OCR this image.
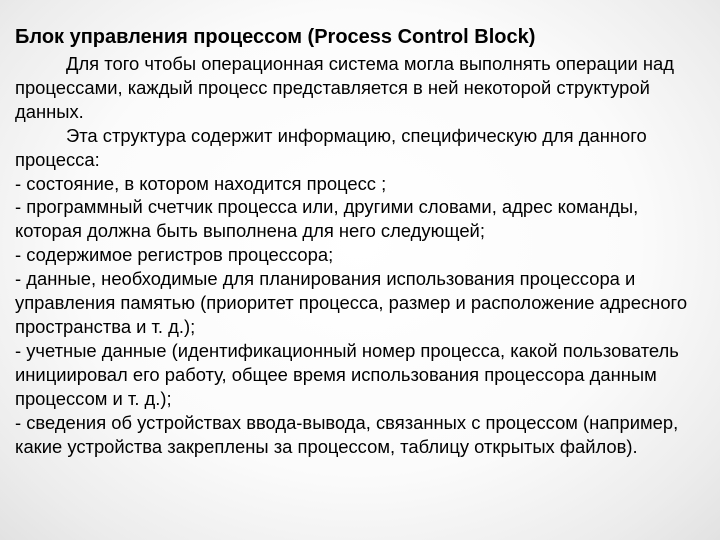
Блок управления процессом (Process Control Block)

Для того чтобы операционная система могла выполнять операции над процессами, каждый процесс представляется в ней некоторой структурой данных.

Эта структура содержит информацию, специфическую для данного процесса:

- состояние, в котором находится процесс ;

- программный счетчик процесса или, другими словами, адрес команды, которая должна быть выполнена для него следующей;

- содержимое регистров процессора;

- данные, необходимые для планирования использования процессора и управления памятью (приоритет процесса, размер и расположение адресного пространства и т. д.);

- учетные данные (идентификационный номер процесса, какой пользователь инициировал его работу, общее время использования процессора данным процессом и т. д.);

- сведения об устройствах ввода-вывода, связанных с процессом (например, какие устройства закреплены за процессом, таблицу открытых файлов).
